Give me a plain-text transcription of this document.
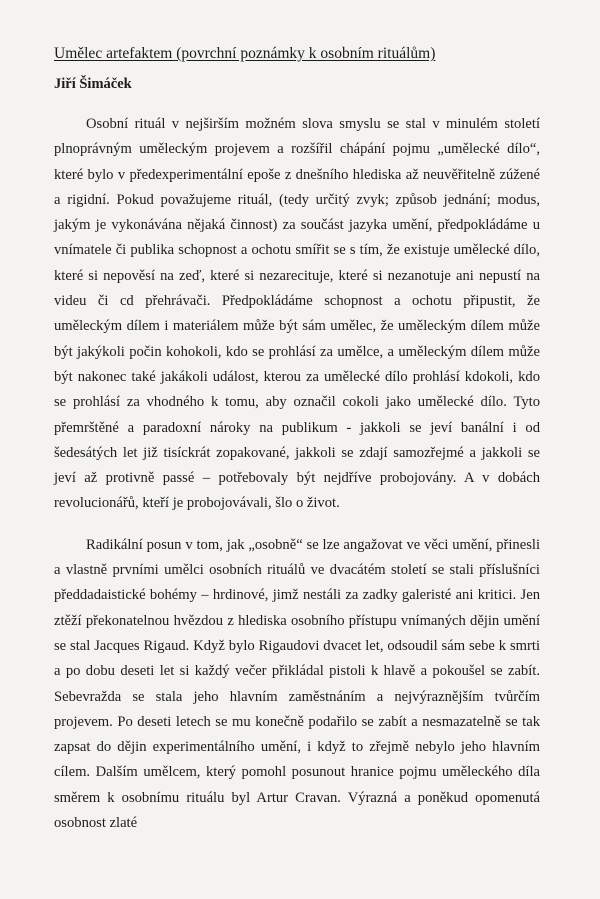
Umělec artefaktem (povrchní poznámky k osobním rituálům)
Jiří Šimáček

Osobní rituál v nejširším možném slova smyslu se stal v minulém století plnoprávným uměleckým projevem a rozšířil chápání pojmu „umělecké dílo“, které bylo v předexperimentální epoše z dnešního hlediska až neuvěřitelně zúžené a rigidní. Pokud považujeme rituál, (tedy určitý zvyk; způsob jednání; modus, jakým je vykonávána nějaká činnost) za součást jazyka umění, předpokládáme u vnímatele či publika schopnost a ochotu smířit se s tím, že existuje umělecké dílo, které si nepověsí na zeď, které si nezarecituje, které si nezanotuje ani nepustí na videu či cd přehrávači. Předpokládáme schopnost a ochotu připustit, že uměleckým dílem i materiálem může být sám umělec, že uměleckým dílem může být jakýkoli počin kohokoli, kdo se prohlásí za umělce, a uměleckým dílem může být nakonec také jakákoli událost, kterou za umělecké dílo prohlásí kdokoli, kdo se prohlásí za vhodného k tomu, aby označil cokoli jako umělecké dílo. Tyto přemrštěné a paradoxní nároky na publikum - jakkoli se jeví banální i od šedesátých let již tisíckrát zopakované, jakkoli se zdají samozřejmé a jakkoli se jeví až protivně passé – potřebovaly být nejdříve probojovány. A v dobách revolucionářů, kteří je probojovávali, šlo o život.

Radikální posun v tom, jak „osobně“ se lze angažovat ve věci umění, přinesli a vlastně prvními umělci osobních rituálů ve dvacátém století se stali příslušníci předdadaistické bohémy – hrdinové, jimž nestáli za zadky galeristé ani kritici. Jen ztěží překonatelnou hvězdou z hlediska osobního přístupu vnímaných dějin umění se stal Jacques Rigaud. Když bylo Rigaudovi dvacet let, odsoudil sám sebe k smrti a po dobu deseti let si každý večer přikládal pistoli k hlavě a pokoušel se zabít. Sebevražda se stala jeho hlavním zaměstnáním a nejvýraznějším tvůrčím projevem. Po deseti letech se mu konečně podařilo se zabít a nesmazatelně se tak zapsat do dějin experimentálního umění, i když to zřejmě nebylo jeho hlavním cílem. Dalším umělcem, který pomohl posunout hranice pojmu uměleckého díla směrem k osobnímu rituálu byl Artur Cravan. Výrazná a poněkud opomenutá osobnost zlaté
